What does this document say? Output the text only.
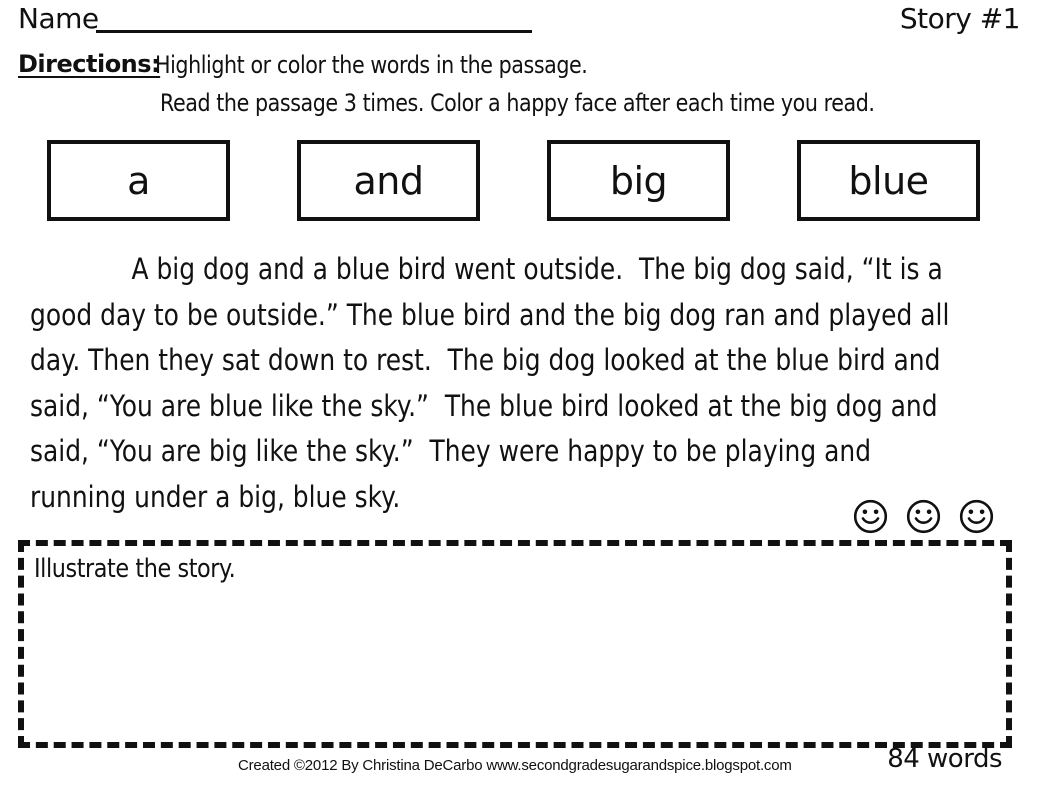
Name	Story #1
Directions:
Highlight or color the words in the passage.
Read the passage 3 times. Color a happy face after each time you read.
a	and	big	blue
A big dog and a blue bird went outside.  The big dog said, “It is a
good day to be outside.” The blue bird and the big dog ran and played all
day. Then they sat down to rest.  The big dog looked at the blue bird and
said, “You are blue like the sky.”  The blue bird looked at the big dog and
said, “You are big like the sky.”  They were happy to be playing and
running under a big, blue sky.
Illustrate the story.
Created ©2012 By Christina DeCarbo www.secondgradesugarandspice.blogspot.com	84 words
